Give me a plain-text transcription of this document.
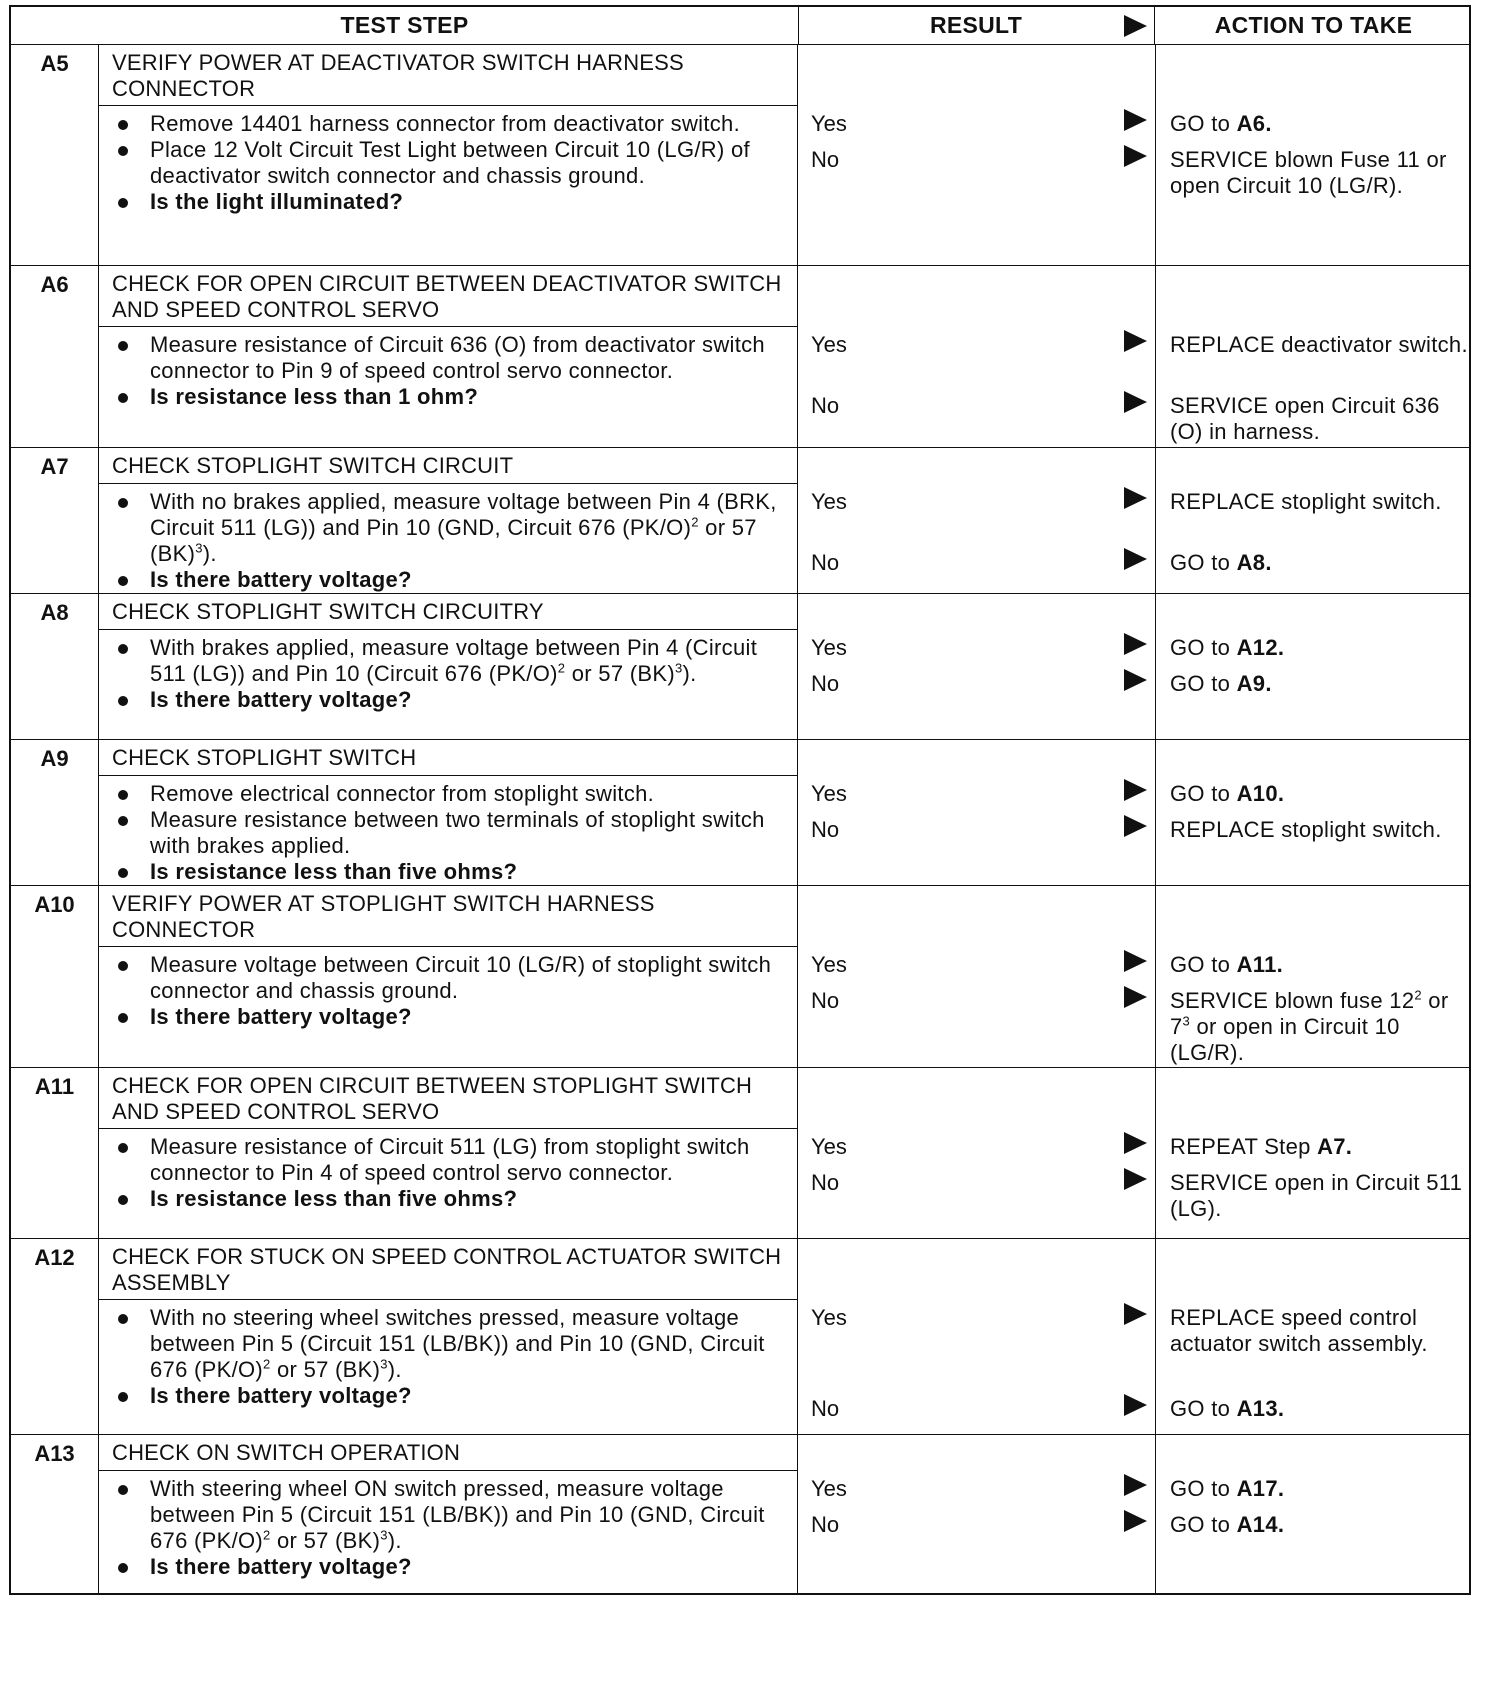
TEST STEP	RESULT	ACTION TO TAKE
A5	VERIFY POWER AT DEACTIVATOR SWITCH HARNESS CONNECTOR
Remove 14401 harness connector from deactivator switch.
Place 12 Volt Circuit Test Light between Circuit 10 (LG/R) of deactivator switch connector and chassis ground.
Is the light illuminated?
Yes	GO to A6.
No	SERVICE blown Fuse 11 or open Circuit 10 (LG/R).
A6	CHECK FOR OPEN CIRCUIT BETWEEN DEACTIVATOR SWITCH AND SPEED CONTROL SERVO
Measure resistance of Circuit 636 (O) from deactivator switch connector to Pin 9 of speed control servo connector.
Is resistance less than 1 ohm?
Yes	REPLACE deactivator switch.
No	SERVICE open Circuit 636 (O) in harness.
A7	CHECK STOPLIGHT SWITCH CIRCUIT
With no brakes applied, measure voltage between Pin 4 (BRK, Circuit 511 (LG)) and Pin 10 (GND, Circuit 676 $(PK/O)^2$ or 57 (BK)$^3$).
Is there battery voltage?
Yes	REPLACE stoplight switch.
No	GO to A8.
A8	CHECK STOPLIGHT SWITCH CIRCUITRY
With brakes applied, measure voltage between Pin 4 (Circuit 511 (LG)) and Pin 10 (Circuit 676 $(PK/O)^2$ or 57 (BK)$^3$).
Is there battery voltage?
Yes	GO to A12.
No	GO to A9.
A9	CHECK STOPLIGHT SWITCH
Remove electrical connector from stoplight switch.
Measure resistance between two terminals of stoplight switch with brakes applied.
Is resistance less than five ohms?
Yes	GO to A10.
No	REPLACE stoplight switch.
A10	VERIFY POWER AT STOPLIGHT SWITCH HARNESS CONNECTOR
Measure voltage between Circuit 10 (LG/R) of stoplight switch connector and chassis ground.
Is there battery voltage?
Yes	GO to A11.
No	SERVICE blown fuse $12^2$ or $7^3$ or open in Circuit 10 (LG/R).
A11	CHECK FOR OPEN CIRCUIT BETWEEN STOPLIGHT SWITCH AND SPEED CONTROL SERVO
Measure resistance of Circuit 511 (LG) from stoplight switch connector to Pin 4 of speed control servo connector.
Is resistance less than five ohms?
Yes	REPEAT Step A7.
No	SERVICE open in Circuit 511 (LG).
A12	CHECK FOR STUCK ON SPEED CONTROL ACTUATOR SWITCH ASSEMBLY
With no steering wheel switches pressed, measure voltage between Pin 5 (Circuit 151 (LB/BK)) and Pin 10 (GND, Circuit 676 $(PK/O)^2$ or 57 (BK)$^3$).
Is there battery voltage?
Yes	REPLACE speed control actuator switch assembly.
No	GO to A13.
A13	CHECK ON SWITCH OPERATION
With steering wheel ON switch pressed, measure voltage between Pin 5 (Circuit 151 (LB/BK)) and Pin 10 (GND, Circuit 676 $(PK/O)^2$ or 57 (BK)$^3$).
Is there battery voltage?
Yes	GO to A17.
No	GO to A14.
